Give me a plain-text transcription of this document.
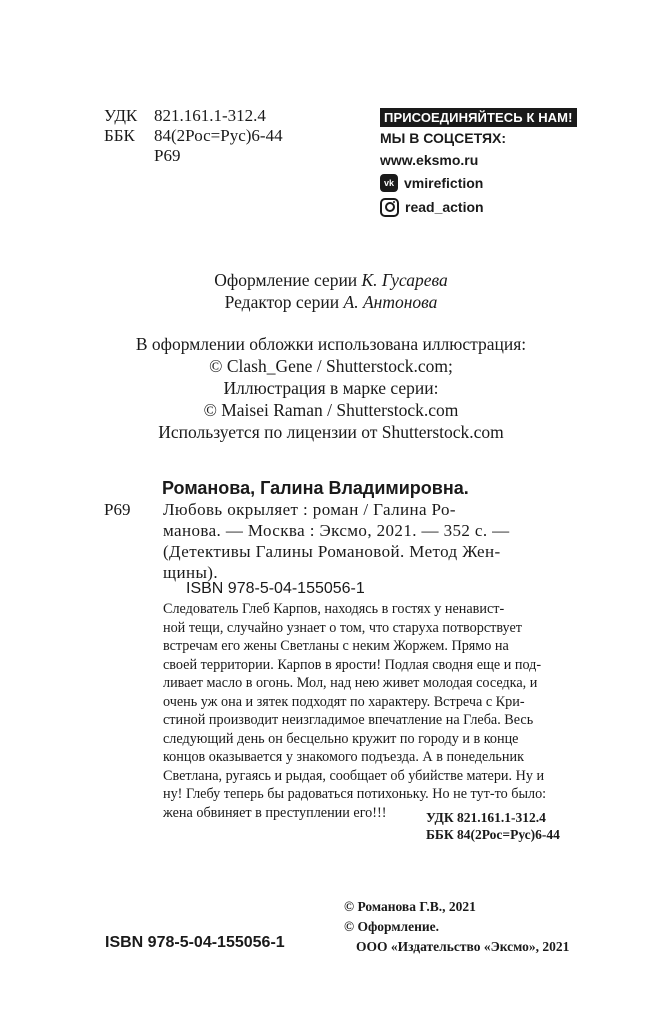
УДК 821.161.1-312.4
ББК 84(2Рос=Рус)6-44
Р69
ПРИСОЕДИНЯЙТЕСЬ К НАМ!
МЫ В СОЦСЕТЯХ:
www.eksmo.ru
vk vmirefiction
read_action
Оформление серии К. Гусарева
Редактор серии А. Антонова
В оформлении обложки использована иллюстрация:
© Clash_Gene / Shutterstock.com;
Иллюстрация в марке серии:
© Maisei Raman / Shutterstock.com
Используется по лицензии от Shutterstock.com
Романова, Галина Владимировна.
Р69 Любовь окрыляет : роман / Галина Ро-
манова. — Москва : Эксмо, 2021. — 352 с. —
(Детективы Галины Романовой. Метод Жен-
щины).
ISBN 978-5-04-155056-1
Следователь Глеб Карпов, находясь в гостях у ненавист-
ной тещи, случайно узнает о том, что старуха потворствует
встречам его жены Светланы с неким Жоржем. Прямо на
своей территории. Карпов в ярости! Подлая сводня еще и под-
ливает масло в огонь. Мол, над нею живет молодая соседка, и
очень уж она и зятек подходят по характеру. Встреча с Кри-
стиной производит неизгладимое впечатление на Глеба. Весь
следующий день он бесцельно кружит по городу и в конце
концов оказывается у знакомого подъезда. А в понедельник
Светлана, ругаясь и рыдая, сообщает об убийстве матери. Ну и
ну! Глебу теперь бы радоваться потихоньку. Но не тут-то было:
жена обвиняет в преступлении его!!!	УДК 821.161.1-312.4
ББК 84(2Рос=Рус)6-44
© Романова Г.В., 2021
© Оформление.
ООО «Издательство «Эксмо», 2021
ISBN 978-5-04-155056-1
